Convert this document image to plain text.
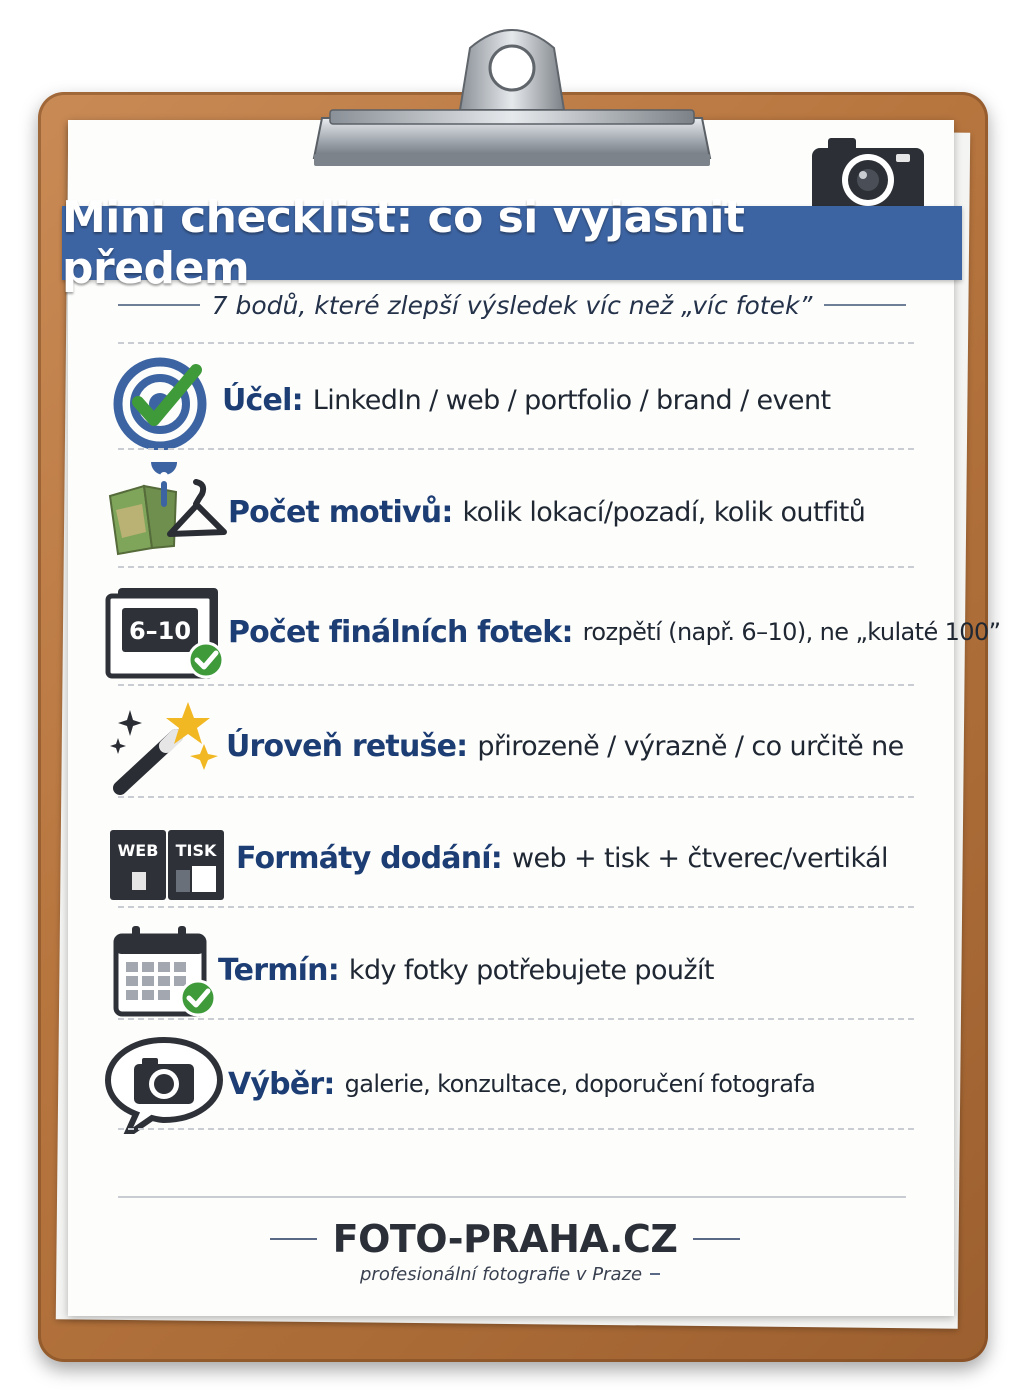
Mini checklist: co si vyjasnit předem
7 bodů, které zlepší výsledek víc než „víc fotek”
Účel: LinkedIn / web / portfolio / brand / event
Počet motivů: kolik lokací/pozadí, kolik outfitů
6–10 Počet finálních fotek: rozpětí (např. 6–10), ne „kulaté 100”
Úroveň retuše: přirozeně / výrazně / co určitě ne
WEB TISK Formáty dodání: web + tisk + čtverec/vertikál
Termín: kdy fotky potřebujete použít
Výběr: galerie, konzultace, doporučení fotografa
FOTO-PRAHA.CZ
profesionální fotografie v Praze
